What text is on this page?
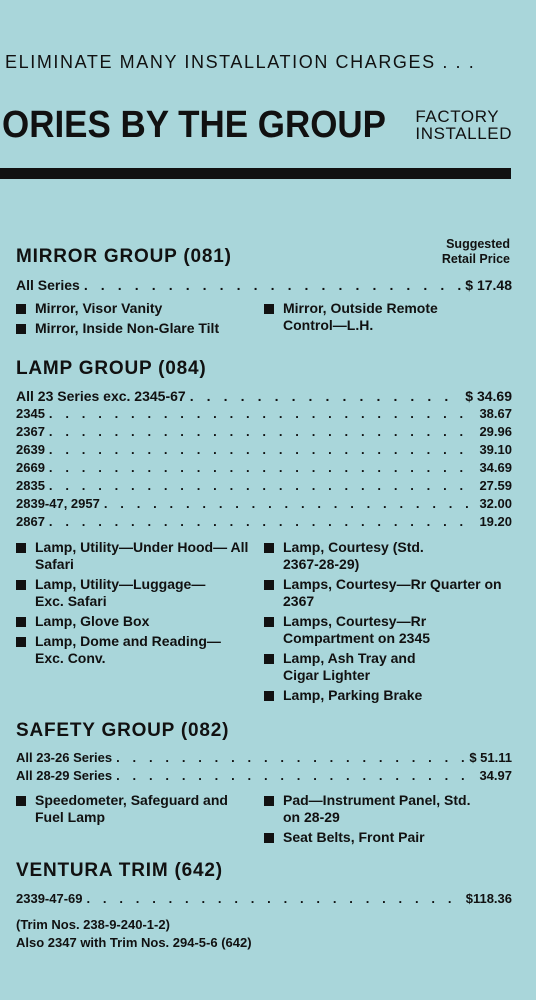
ELIMINATE MANY INSTALLATION CHARGES . . .
ORIES BY THE GROUP FACTORY
INSTALLED
Suggested
Retail Price
MIRROR GROUP (081)
All Series . . .	$ 17.48
Mirror, Visor Vanity
Mirror, Inside Non-Glare Tilt
Mirror, Outside Remote Control—L.H.
LAMP GROUP (084)
All 23 Series exc. 2345-67 . . .	$ 34.69
2345 . . .	38.67
2367 . . .	29.96
2639 . . .	39.10
2669 . . .	34.69
2835 . . .	27.59
2839-47, 2957 . . .	32.00
2867 . . .	19.20
Lamp, Utility—Under Hood— All Safari
Lamp, Utility—Luggage— Exc. Safari
Lamp, Glove Box
Lamp, Dome and Reading— Exc. Conv.
Lamp, Courtesy (Std. 2367-28-29)
Lamps, Courtesy—Rr Quarter on 2367
Lamps, Courtesy—Rr Compartment on 2345
Lamp, Ash Tray and Cigar Lighter
Lamp, Parking Brake
SAFETY GROUP (082)
All 23-26 Series . . .	$ 51.11
All 28-29 Series . . .	34.97
Speedometer, Safeguard and Fuel Lamp
Pad—Instrument Panel, Std. on 28-29
Seat Belts, Front Pair
VENTURA TRIM (642)
2339-47-69 . . .	$118.36
(Trim Nos. 238-9-240-1-2)
Also 2347 with Trim Nos. 294-5-6 (642)
